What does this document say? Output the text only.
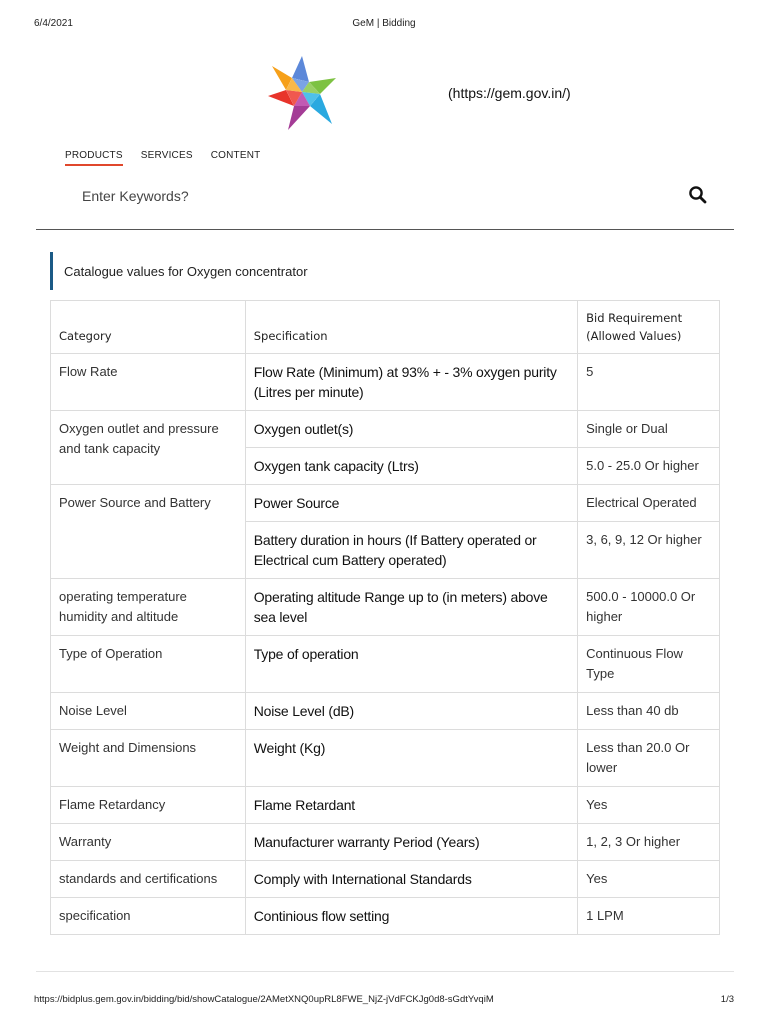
6/4/2021	GeM | Bidding
(https://gem.gov.in/)
PRODUCTS SERVICES CONTENT
Enter Keywords?
Catalogue values for Oxygen concentrator
Category	Specification	Bid Requirement (Allowed Values)
Flow Rate	Flow Rate (Minimum) at 93% + - 3% oxygen purity (Litres per minute)	5
Oxygen outlet and pressure and tank capacity	Oxygen outlet(s)	Single or Dual
	Oxygen tank capacity (Ltrs)	5.0 - 25.0 Or higher
Power Source and Battery	Power Source	Electrical Operated
	Battery duration in hours (If Battery operated or Electrical cum Battery operated)	3, 6, 9, 12 Or higher
operating temperature humidity and altitude	Operating altitude Range up to (in meters) above sea level	500.0 - 10000.0 Or higher
Type of Operation	Type of operation	Continuous Flow Type
Noise Level	Noise Level (dB)	Less than 40 db
Weight and Dimensions	Weight (Kg)	Less than 20.0 Or lower
Flame Retardancy	Flame Retardant	Yes
Warranty	Manufacturer warranty Period (Years)	1, 2, 3 Or higher
standards and certifications	Comply with International Standards	Yes
specification	Continious flow setting	1 LPM
https://bidplus.gem.gov.in/bidding/bid/showCatalogue/2AMetXNQ0upRL8FWE_NjZ-jVdFCKJg0d8-sGdtYvqiM	1/3
